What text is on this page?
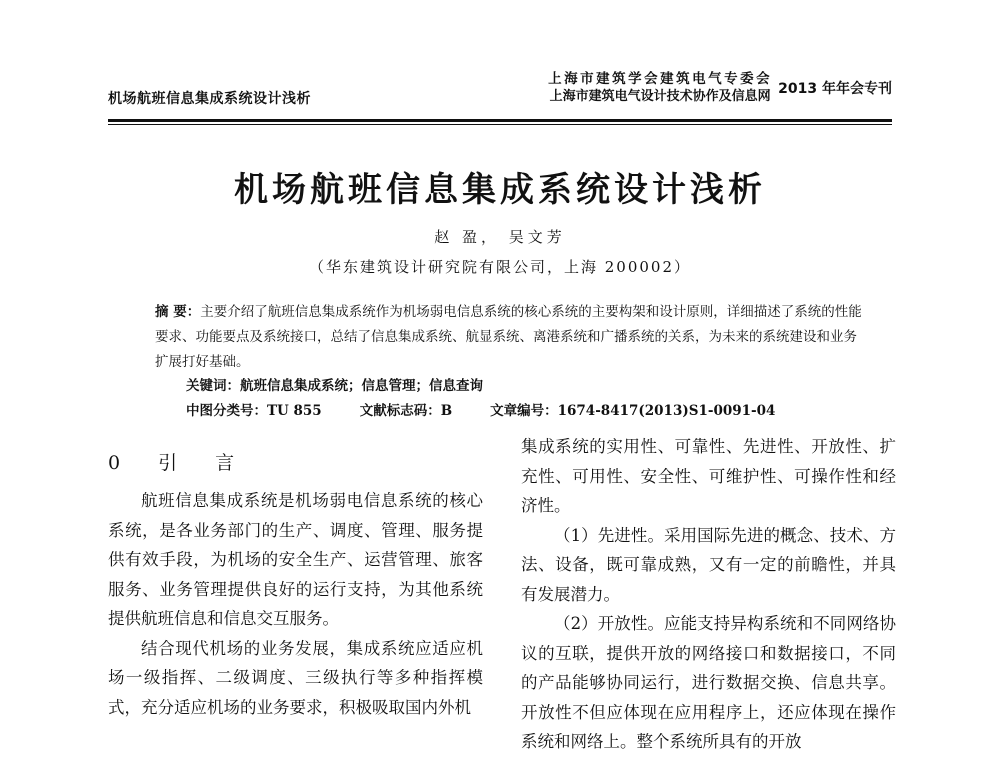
机场航班信息集成系统设计浅析
上海市建筑学会建筑电气专委会
上海市建筑电气设计技术协作及信息网 2013 年年会专刊
机场航班信息集成系统设计浅析
赵 盈， 吴文芳
（华东建筑设计研究院有限公司，上海 200002）
摘 要：主要介绍了航班信息集成系统作为机场弱电信息系统的核心系统的主要构架和设计原则，详细描述了系统的性能要求、功能要点及系统接口，总结了信息集成系统、航显系统、离港系统和广播系统的关系，为未来的系统建设和业务扩展打好基础。
关键词：航班信息集成系统；信息管理；信息查询
中图分类号：TU 855	文献标志码：B	文章编号：1674-8417(2013)S1-0091-04
0 引 言

航班信息集成系统是机场弱电信息系统的核心系统，是各业务部门的生产、调度、管理、服务提供有效手段，为机场的安全生产、运营管理、旅客服务、业务管理提供良好的运行支持，为其他系统提供航班信息和信息交互服务。

结合现代机场的业务发展，集成系统应适应机场一级指挥、二级调度、三级执行等多种指挥模式，充分适应机场的业务要求，积极吸取国内外机

集成系统的实用性、可靠性、先进性、开放性、扩充性、可用性、安全性、可维护性、可操作性和经济性。

（1）先进性。采用国际先进的概念、技术、方法、设备，既可靠成熟，又有一定的前瞻性，并具有发展潜力。

（2）开放性。应能支持异构系统和不同网络协议的互联，提供开放的网络接口和数据接口，不同的产品能够协同运行，进行数据交换、信息共享。开放性不但应体现在应用程序上，还应体现在操作系统和网络上。整个系统所具有的开放
